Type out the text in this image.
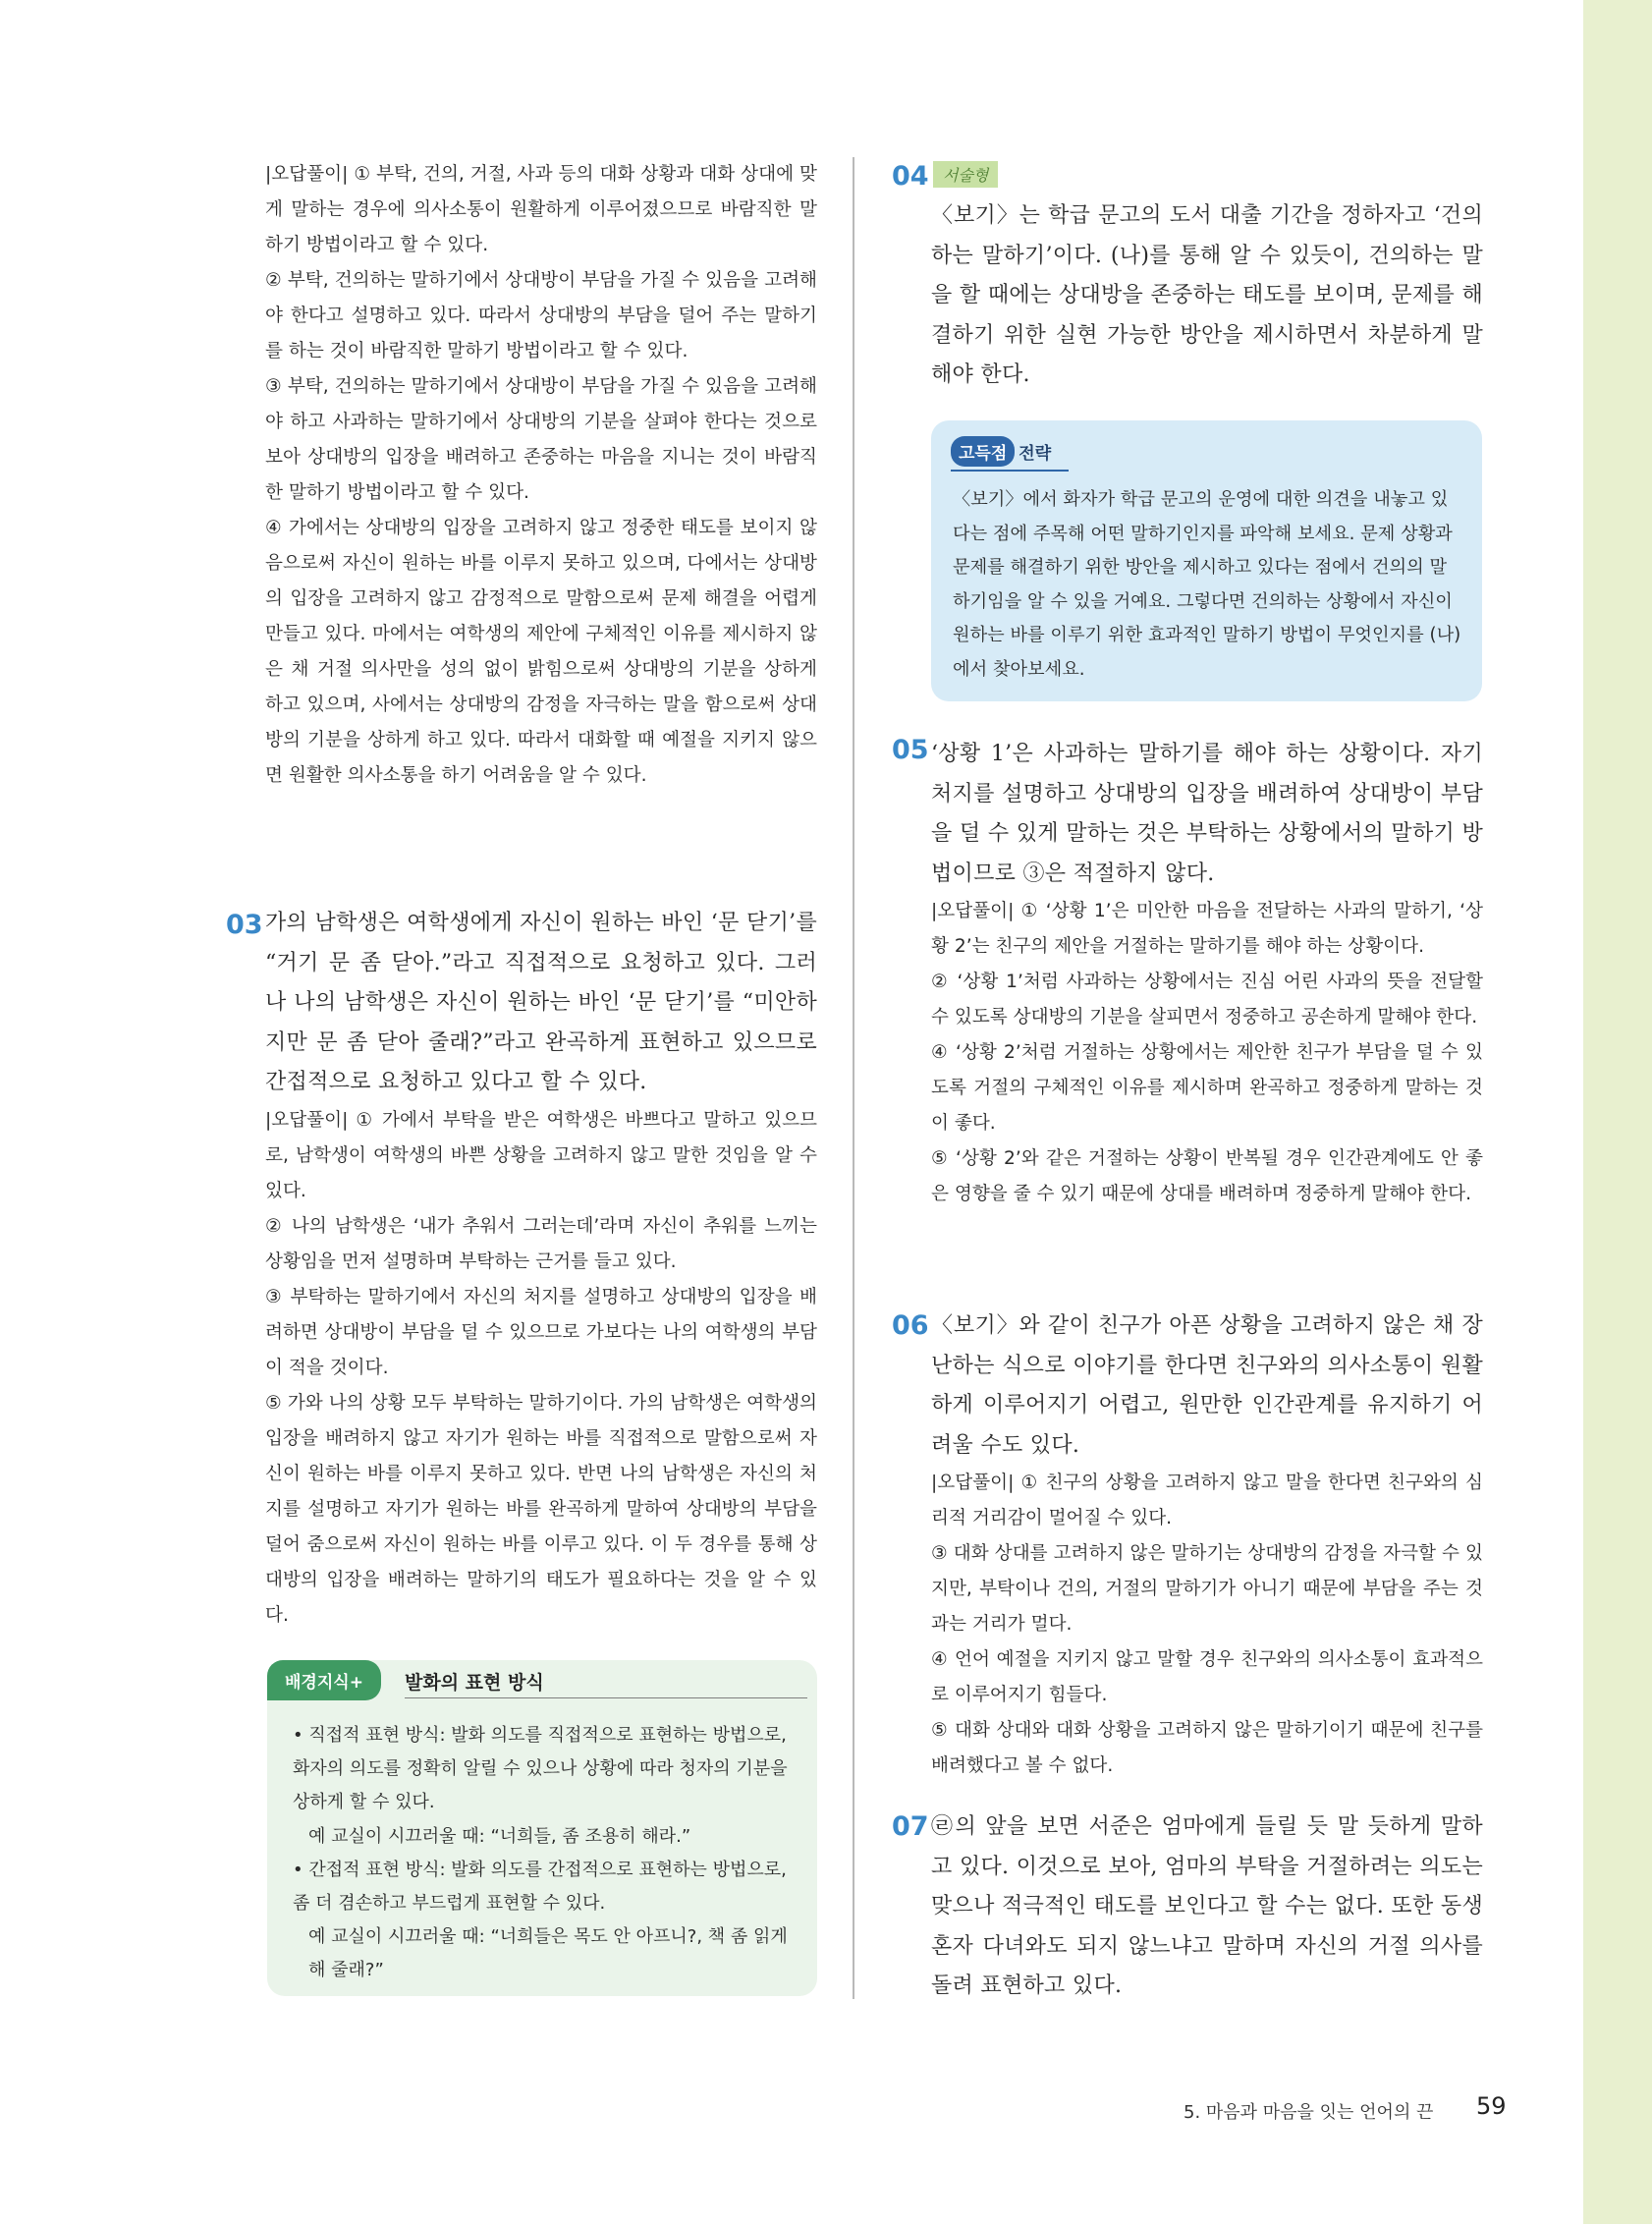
|오답풀이| ① 부탁, 건의, 거절, 사과 등의 대화 상황과 대화 상대에 맞게 말하는 경우에 의사소통이 원활하게 이루어졌으므로 바람직한 말하기 방법이라고 할 수 있다.

② 부탁, 건의하는 말하기에서 상대방이 부담을 가질 수 있음을 고려해야 한다고 설명하고 있다. 따라서 상대방의 부담을 덜어 주는 말하기를 하는 것이 바람직한 말하기 방법이라고 할 수 있다.

③ 부탁, 건의하는 말하기에서 상대방이 부담을 가질 수 있음을 고려해야 하고 사과하는 말하기에서 상대방의 기분을 살펴야 한다는 것으로 보아 상대방의 입장을 배려하고 존중하는 마음을 지니는 것이 바람직한 말하기 방법이라고 할 수 있다.

④ 가에서는 상대방의 입장을 고려하지 않고 정중한 태도를 보이지 않음으로써 자신이 원하는 바를 이루지 못하고 있으며, 다에서는 상대방의 입장을 고려하지 않고 감정적으로 말함으로써 문제 해결을 어렵게 만들고 있다. 마에서는 여학생의 제안에 구체적인 이유를 제시하지 않은 채 거절 의사만을 성의 없이 밝힘으로써 상대방의 기분을 상하게 하고 있으며, 사에서는 상대방의 감정을 자극하는 말을 함으로써 상대방의 기분을 상하게 하고 있다. 따라서 대화할 때 예절을 지키지 않으면 원활한 의사소통을 하기 어려움을 알 수 있다.

03 가의 남학생은 여학생에게 자신이 원하는 바인 ‘문 닫기’를 “거기 문 좀 닫아.”라고 직접적으로 요청하고 있다. 그러나 나의 남학생은 자신이 원하는 바인 ‘문 닫기’를 “미안하지만 문 좀 닫아 줄래?”라고 완곡하게 표현하고 있으므로 간접적으로 요청하고 있다고 할 수 있다.

|오답풀이| ① 가에서 부탁을 받은 여학생은 바쁘다고 말하고 있으므로, 남학생이 여학생의 바쁜 상황을 고려하지 않고 말한 것임을 알 수 있다.

② 나의 남학생은 ‘내가 추워서 그러는데’라며 자신이 추워를 느끼는 상황임을 먼저 설명하며 부탁하는 근거를 들고 있다.

③ 부탁하는 말하기에서 자신의 처지를 설명하고 상대방의 입장을 배려하면 상대방이 부담을 덜 수 있으므로 가보다는 나의 여학생의 부담이 적을 것이다.

⑤ 가와 나의 상황 모두 부탁하는 말하기이다. 가의 남학생은 여학생의 입장을 배려하지 않고 자기가 원하는 바를 직접적으로 말함으로써 자신이 원하는 바를 이루지 못하고 있다. 반면 나의 남학생은 자신의 처지를 설명하고 자기가 원하는 바를 완곡하게 말하여 상대방의 부담을 덜어 줌으로써 자신이 원하는 바를 이루고 있다. 이 두 경우를 통해 상대방의 입장을 배려하는 말하기의 태도가 필요하다는 것을 알 수 있다.

배경지식+	발화의 표현 방식

• 직접적 표현 방식: 발화 의도를 직접적으로 표현하는 방법으로, 화자의 의도를 정확히 알릴 수 있으나 상황에 따라 청자의 기분을 상하게 할 수 있다.

예 교실이 시끄러울 때: “너희들, 좀 조용히 해라.”

• 간접적 표현 방식: 발화 의도를 간접적으로 표현하는 방법으로, 좀 더 겸손하고 부드럽게 표현할 수 있다.

예 교실이 시끄러울 때: “너희들은 목도 안 아프니?, 책 좀 읽게 해 줄래?”

04 서술형

〈보기〉는 학급 문고의 도서 대출 기간을 정하자고 ‘건의하는 말하기’이다. (나)를 통해 알 수 있듯이, 건의하는 말을 할 때에는 상대방을 존중하는 태도를 보이며, 문제를 해결하기 위한 실현 가능한 방안을 제시하면서 차분하게 말해야 한다.

고득점 전략

〈보기〉에서 화자가 학급 문고의 운영에 대한 의견을 내놓고 있다는 점에 주목해 어떤 말하기인지를 파악해 보세요. 문제 상황과 문제를 해결하기 위한 방안을 제시하고 있다는 점에서 건의의 말하기임을 알 수 있을 거예요. 그렇다면 건의하는 상황에서 자신이 원하는 바를 이루기 위한 효과적인 말하기 방법이 무엇인지를 (나)에서 찾아보세요.

05 ‘상황 1’은 사과하는 말하기를 해야 하는 상황이다. 자기 처지를 설명하고 상대방의 입장을 배려하여 상대방이 부담을 덜 수 있게 말하는 것은 부탁하는 상황에서의 말하기 방법이므로 ③은 적절하지 않다.

|오답풀이| ① ‘상황 1’은 미안한 마음을 전달하는 사과의 말하기, ‘상황 2’는 친구의 제안을 거절하는 말하기를 해야 하는 상황이다.

② ‘상황 1’처럼 사과하는 상황에서는 진심 어린 사과의 뜻을 전달할 수 있도록 상대방의 기분을 살피면서 정중하고 공손하게 말해야 한다.

④ ‘상황 2’처럼 거절하는 상황에서는 제안한 친구가 부담을 덜 수 있도록 거절의 구체적인 이유를 제시하며 완곡하고 정중하게 말하는 것이 좋다.

⑤ ‘상황 2’와 같은 거절하는 상황이 반복될 경우 인간관계에도 안 좋은 영향을 줄 수 있기 때문에 상대를 배려하며 정중하게 말해야 한다.

06 〈보기〉와 같이 친구가 아픈 상황을 고려하지 않은 채 장난하는 식으로 이야기를 한다면 친구와의 의사소통이 원활하게 이루어지기 어렵고, 원만한 인간관계를 유지하기 어려울 수도 있다.

|오답풀이| ① 친구의 상황을 고려하지 않고 말을 한다면 친구와의 심리적 거리감이 멀어질 수 있다.

③ 대화 상대를 고려하지 않은 말하기는 상대방의 감정을 자극할 수 있지만, 부탁이나 건의, 거절의 말하기가 아니기 때문에 부담을 주는 것과는 거리가 멀다.

④ 언어 예절을 지키지 않고 말할 경우 친구와의 의사소통이 효과적으로 이루어지기 힘들다.

⑤ 대화 상대와 대화 상황을 고려하지 않은 말하기이기 때문에 친구를 배려했다고 볼 수 없다.

07 ㉣의 앞을 보면 서준은 엄마에게 들릴 듯 말 듯하게 말하고 있다. 이것으로 보아, 엄마의 부탁을 거절하려는 의도는 맞으나 적극적인 태도를 보인다고 할 수는 없다. 또한 동생 혼자 다녀와도 되지 않느냐고 말하며 자신의 거절 의사를 돌려 표현하고 있다.

5. 마음과 마음을 잇는 언어의 끈 59
